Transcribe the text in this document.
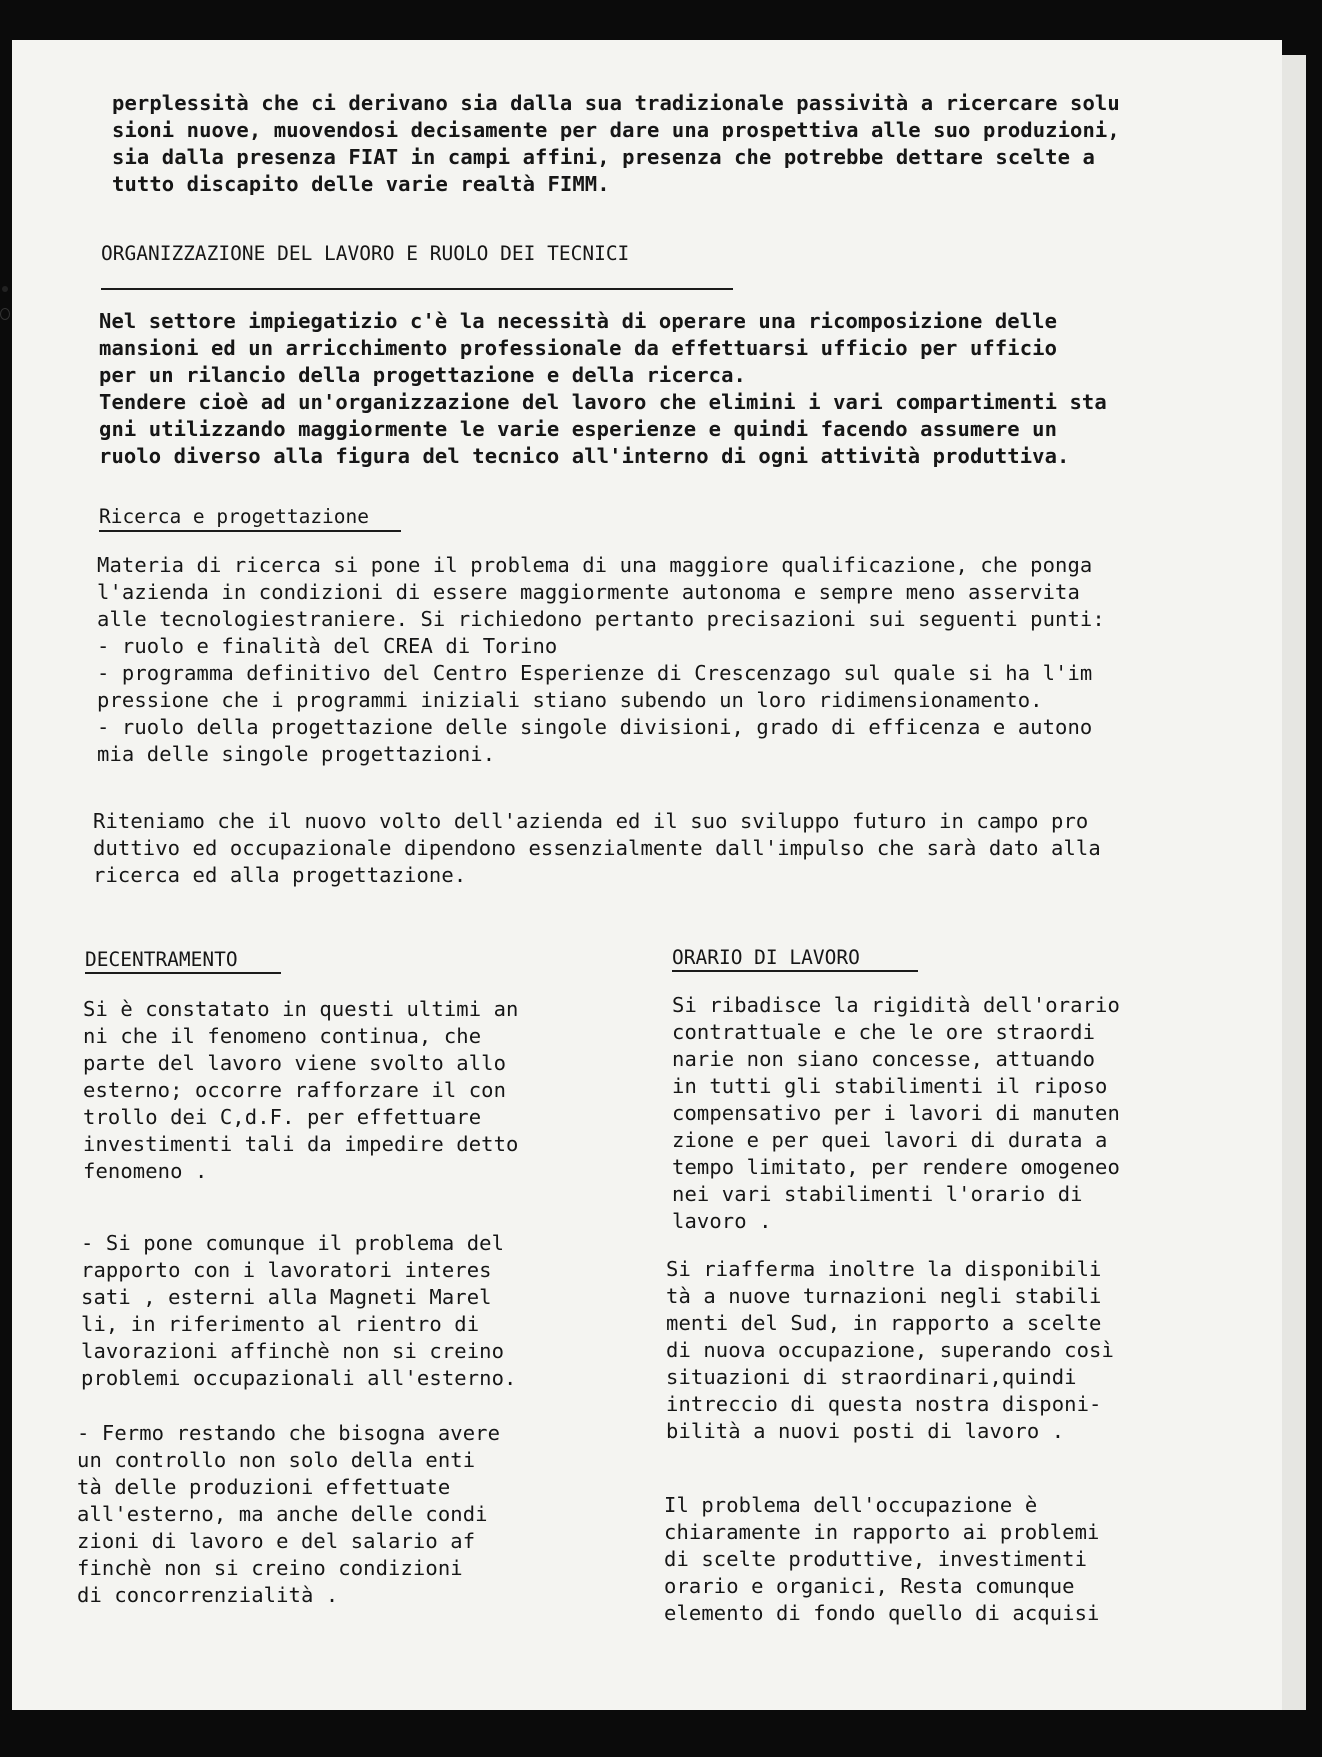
perplessità che ci derivano sia dalla sua tradizionale passività a ricercare solu
sioni nuove, muovendosi decisamente per dare una prospettiva alle suo produzioni,
sia dalla presenza FIAT in campi affini, presenza che potrebbe dettare scelte a
tutto discapito delle varie realtà FIMM.

ORGANIZZAZIONE DEL LAVORO E RUOLO DEI TECNICI

Nel settore impiegatizio c'è la necessità di operare una ricomposizione delle
mansioni ed un arricchimento professionale da effettuarsi ufficio per ufficio
per un rilancio della progettazione e della ricerca.
Tendere cioè ad un'organizzazione del lavoro che elimini i vari compartimenti sta
gni utilizzando maggiormente le varie esperienze e quindi facendo assumere un
ruolo diverso alla figura del tecnico all'interno di ogni attività produttiva.

Ricerca e progettazione

Materia di ricerca si pone il problema di una maggiore qualificazione, che ponga
l'azienda in condizioni di essere maggiormente autonoma e sempre meno asservita
alle tecnologiestraniere. Si richiedono pertanto precisazioni sui seguenti punti:
- ruolo e finalità del CREA di Torino
- programma definitivo del Centro Esperienze di Crescenzago sul quale si ha l'im
pressione che i programmi iniziali stiano subendo un loro ridimensionamento.
- ruolo della progettazione delle singole divisioni, grado di efficenza e autono
mia delle singole progettazioni.

Riteniamo che il nuovo volto dell'azienda ed il suo sviluppo futuro in campo pro
duttivo ed occupazionale dipendono essenzialmente dall'impulso che sarà dato alla
ricerca ed alla progettazione.

DECENTRAMENTO

Si è constatato in questi ultimi an
ni che il fenomeno continua, che
parte del lavoro viene svolto allo
esterno; occorre rafforzare il con
trollo dei C,d.F. per effettuare
investimenti tali da impedire detto
fenomeno .

- Si pone comunque il problema del
rapporto con i lavoratori interes
sati , esterni alla Magneti Marel
li, in riferimento al rientro di
lavorazioni affinchè non si creino
problemi occupazionali all'esterno.

- Fermo restando che bisogna avere
un controllo non solo della enti
tà delle produzioni effettuate
all'esterno, ma anche delle condi
zioni di lavoro e del salario af
finchè non si creino condizioni
di concorrenzialità .

ORARIO DI LAVORO

Si ribadisce la rigidità dell'orario
contrattuale e che le ore straordi
narie non siano concesse, attuando
in tutti gli stabilimenti il riposo
compensativo per i lavori di manuten
zione e per quei lavori di durata a
tempo limitato, per rendere omogeneo
nei vari stabilimenti l'orario di
lavoro .

Si riafferma inoltre la disponibili
tà a nuove turnazioni negli stabili
menti del Sud, in rapporto a scelte
di nuova occupazione, superando così
situazioni di straordinari,quindi
intreccio di questa nostra disponi-
bilità a nuovi posti di lavoro .

Il problema dell'occupazione è
chiaramente in rapporto ai problemi
di scelte produttive, investimenti
orario e organici, Resta comunque
elemento di fondo quello di acquisi
